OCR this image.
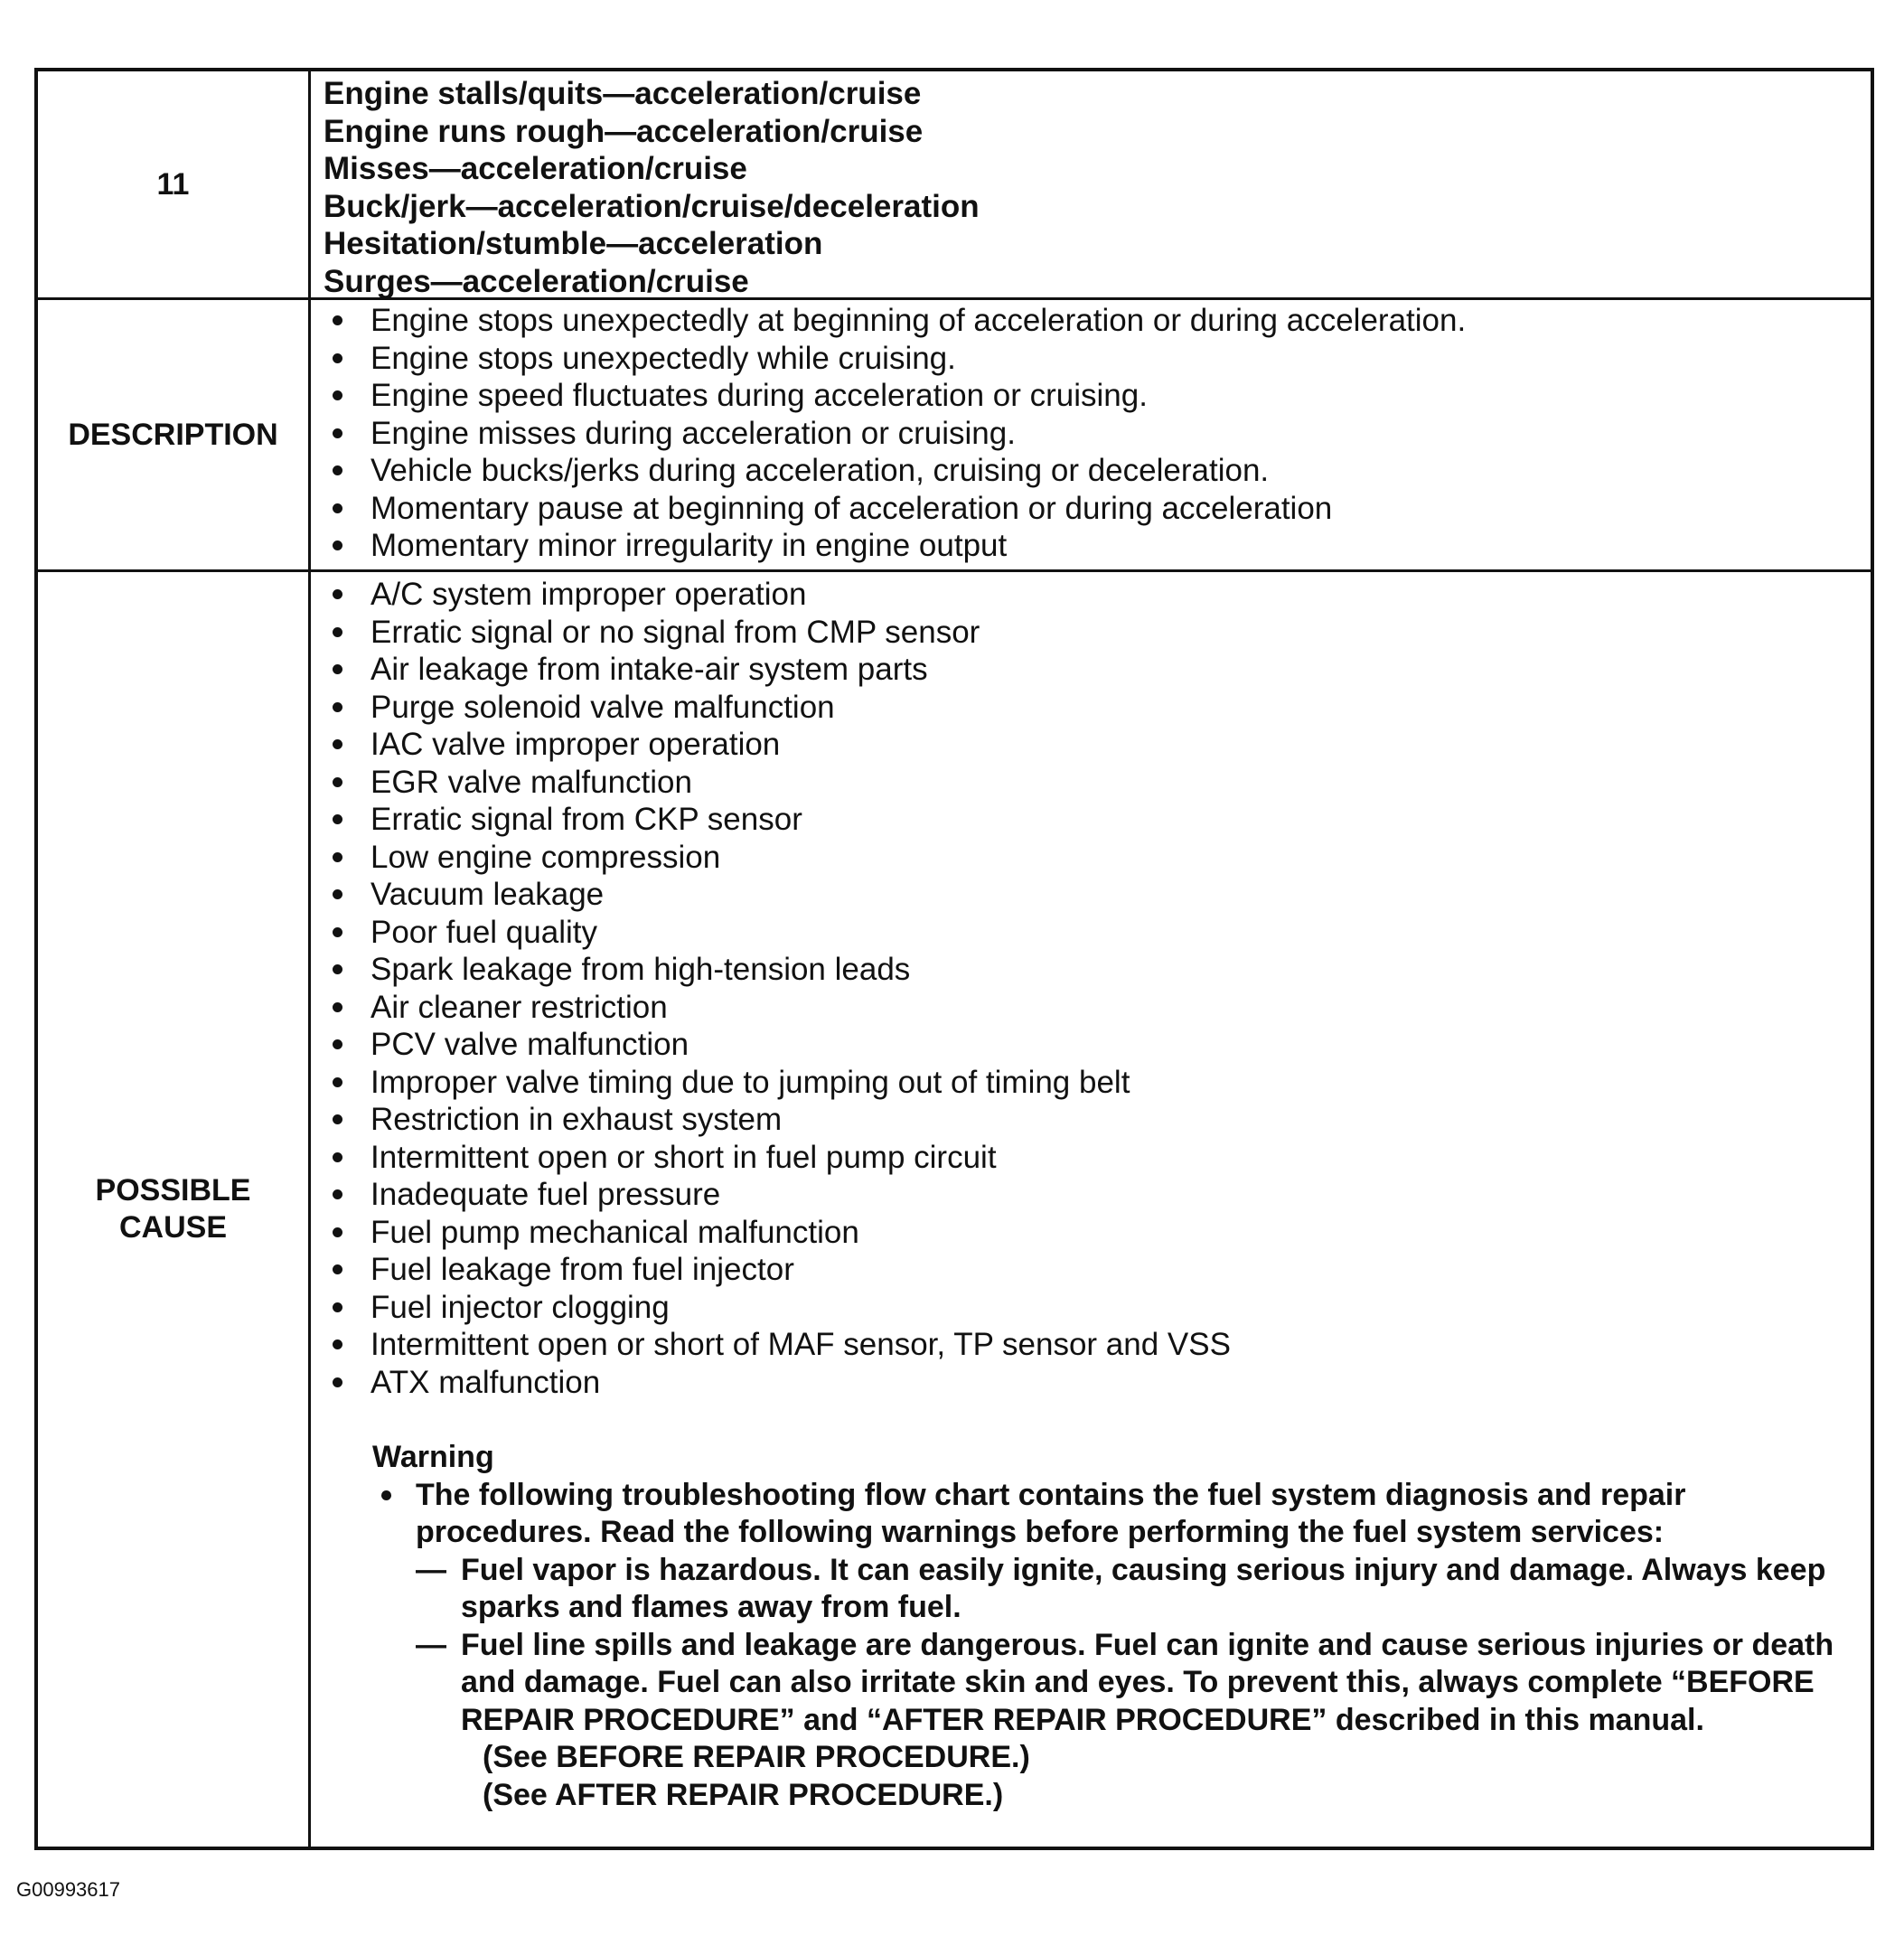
11
Engine stalls/quits—acceleration/cruise
Engine runs rough—acceleration/cruise
Misses—acceleration/cruise
Buck/jerk—acceleration/cruise/deceleration
Hesitation/stumble—acceleration
Surges—acceleration/cruise
DESCRIPTION
Engine stops unexpectedly at beginning of acceleration or during acceleration.
Engine stops unexpectedly while cruising.
Engine speed fluctuates during acceleration or cruising.
Engine misses during acceleration or cruising.
Vehicle bucks/jerks during acceleration, cruising or deceleration.
Momentary pause at beginning of acceleration or during acceleration
Momentary minor irregularity in engine output
POSSIBLE
CAUSE
A/C system improper operation
Erratic signal or no signal from CMP sensor
Air leakage from intake-air system parts
Purge solenoid valve malfunction
IAC valve improper operation
EGR valve malfunction
Erratic signal from CKP sensor
Low engine compression
Vacuum leakage
Poor fuel quality
Spark leakage from high-tension leads
Air cleaner restriction
PCV valve malfunction
Improper valve timing due to jumping out of timing belt
Restriction in exhaust system
Intermittent open or short in fuel pump circuit
Inadequate fuel pressure
Fuel pump mechanical malfunction
Fuel leakage from fuel injector
Fuel injector clogging
Intermittent open or short of MAF sensor, TP sensor and VSS
ATX malfunction
Warning
The following troubleshooting flow chart contains the fuel system diagnosis and repair procedures. Read the following warnings before performing the fuel system services:
— Fuel vapor is hazardous. It can easily ignite, causing serious injury and damage. Always keep sparks and flames away from fuel.
— Fuel line spills and leakage are dangerous. Fuel can ignite and cause serious injuries or death and damage. Fuel can also irritate skin and eyes. To prevent this, always complete “BEFORE REPAIR PROCEDURE” and “AFTER REPAIR PROCEDURE” described in this manual.
(See BEFORE REPAIR PROCEDURE.)
(See AFTER REPAIR PROCEDURE.)
G00993617
